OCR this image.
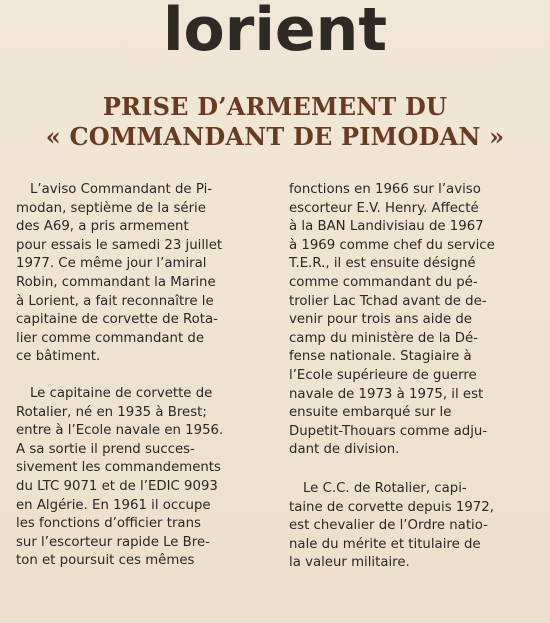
lorient
PRISE D’ARMEMENT DU
« COMMANDANT DE PIMODAN »
L’aviso Commandant de Pi-
modan, septième de la série
des A69, a pris armement
pour essais le samedi 23 juillet
1977. Ce même jour l’amiral
Robin, commandant la Marine
à Lorient, a fait reconnaître le
capitaine de corvette de Rota-
lier comme commandant de
ce bâtiment.
Le capitaine de corvette de
Rotalier, né en 1935 à Brest;
entre à l’Ecole navale en 1956.
A sa sortie il prend succes-
sivement les commandements
du LTC 9071 et de l’EDIC 9093
en Algérie. En 1961 il occupe
les fonctions d’officier trans
sur l’escorteur rapide Le Bre-
ton et poursuit ces mêmes
fonctions en 1966 sur l’aviso
escorteur E.V. Henry. Affecté
à la BAN Landivisiau de 1967
à 1969 comme chef du service
T.E.R., il est ensuite désigné
comme commandant du pé-
trolier Lac Tchad avant de de-
venir pour trois ans aide de
camp du ministère de la Dé-
fense nationale. Stagiaire à
l’Ecole supérieure de guerre
navale de 1973 à 1975, il est
ensuite embarqué sur le
Dupetit-Thouars comme adju-
dant de division.
Le C.C. de Rotalier, capi-
taine de corvette depuis 1972,
est chevalier de l’Ordre natio-
nale du mérite et titulaire de
la valeur militaire.
